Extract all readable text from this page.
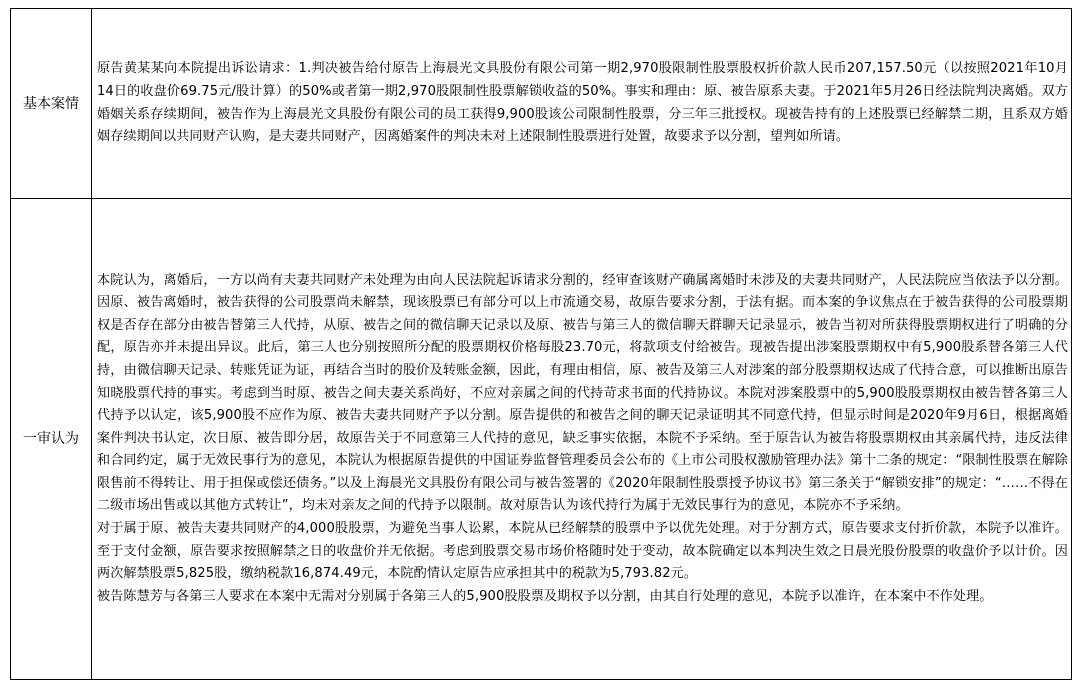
基本案情	原告黄某某向本院提出诉讼请求：1.判决被告给付原告上海晨光文具股份有限公司第一期2,970股限制性股票股权折价款人民币207,157.50元（以按照2021年10月14日的收盘价69.75元/股计算）的50%或者第一期2,970股限制性股票解锁收益的50%。事实和理由：原、被告原系夫妻。于2021年5月26日经法院判决离婚。双方婚姻关系存续期间，被告作为上海晨光文具股份有限公司的员工获得9,900股该公司限制性股票，分三年三批授权。现被告持有的上述股票已经解禁二期，且系双方婚姻存续期间以共同财产认购，是夫妻共同财产，因离婚案件的判决未对上述限制性股票进行处置，故要求予以分割，望判如所请。

一审认为	本院认为，离婚后，一方以尚有夫妻共同财产未处理为由向人民法院起诉请求分割的，经审查该财产确属离婚时未涉及的夫妻共同财产，人民法院应当依法予以分割。因原、被告离婚时，被告获得的公司股票尚未解禁，现该股票已有部分可以上市流通交易，故原告要求分割，于法有据。而本案的争议焦点在于被告获得的公司股票期权是否存在部分由被告替第三人代持，从原、被告之间的微信聊天记录以及原、被告与第三人的微信聊天群聊天记录显示，被告当初对所获得股票期权进行了明确的分配，原告亦并未提出异议。此后，第三人也分别按照所分配的股票期权价格每股23.70元，将款项支付给被告。现被告提出涉案股票期权中有5,900股系替各第三人代持，由微信聊天记录、转账凭证为证，再结合当时的股价及转账金额，因此，有理由相信，原、被告及第三人对涉案的部分股票期权达成了代持合意，可以推断出原告知晓股票代持的事实。考虑到当时原、被告之间夫妻关系尚好，不应对亲属之间的代持苛求书面的代持协议。本院对涉案股票中的5,900股股票期权由被告替各第三人代持予以认定，该5,900股不应作为原、被告夫妻共同财产予以分割。原告提供的和被告之间的聊天记录证明其不同意代持，但显示时间是2020年9月6日，根据离婚案件判决书认定，次日原、被告即分居，故原告关于不同意第三人代持的意见，缺乏事实依据，本院不予采纳。至于原告认为被告将股票期权由其亲属代持，违反法律和合同约定，属于无效民事行为的意见，本院认为根据原告提供的中国证券监督管理委员会公布的《上市公司股权激励管理办法》第十二条的规定：“限制性股票在解除限售前不得转让、用于担保或偿还债务。”以及上海晨光文具股份有限公司与被告签署的《2020年限制性股票授予协议书》第三条关于“解锁安排”的规定：“……不得在二级市场出售或以其他方式转让”，均未对亲友之间的代持予以限制。故对原告认为该代持行为属于无效民事行为的意见，本院亦不予采纳。

对于属于原、被告夫妻共同财产的4,000股股票，为避免当事人讼累，本院从已经解禁的股票中予以优先处理。对于分割方式，原告要求支付折价款，本院予以准许。至于支付金额，原告要求按照解禁之日的收盘价并无依据。考虑到股票交易市场价格随时处于变动，故本院确定以本判决生效之日晨光股份股票的收盘价予以计价。因两次解禁股票5,825股，缴纳税款16,874.49元，本院酌情认定原告应承担其中的税款为5,793.82元。

被告陈慧芳与各第三人要求在本案中无需对分别属于各第三人的5,900股股票及期权予以分割，由其自行处理的意见，本院予以准许，在本案中不作处理。
